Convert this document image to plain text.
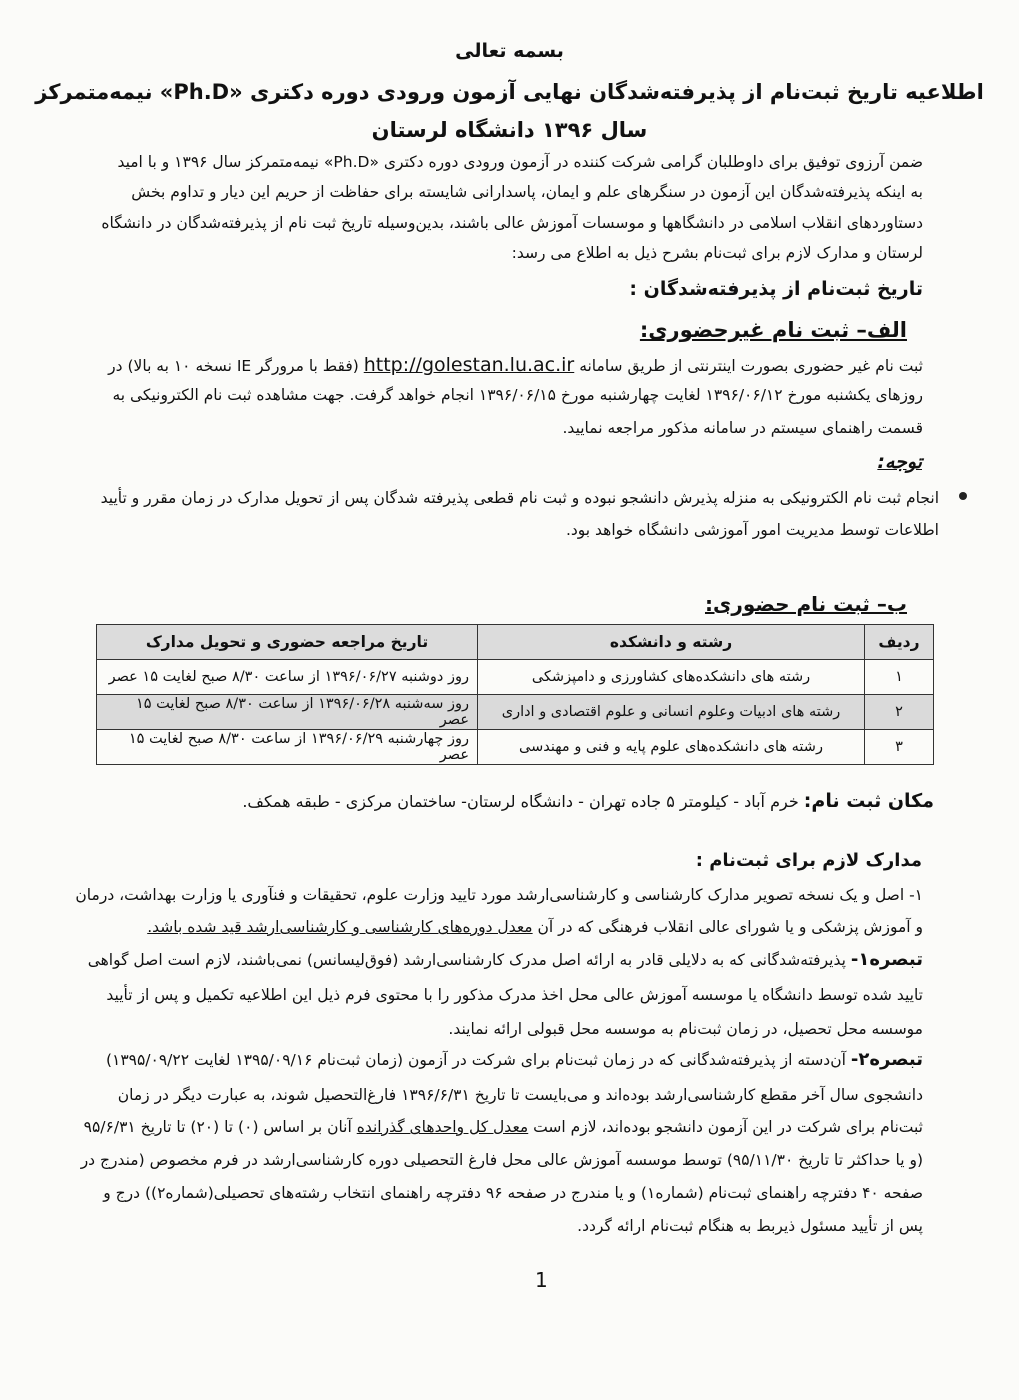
بسمه تعالی
اطلاعیه تاریخ ثبت‌نام از پذیرفته‌شدگان نهایی آزمون ورودی دوره دکتری «Ph.D» نیمه‌متمرکز
سال ۱۳۹۶ دانشگاه لرستان
ضمن آرزوی توفیق برای داوطلبان گرامی شرکت کننده در آزمون ورودی دوره دکتری «Ph.D» نیمه‌متمرکز سال ۱۳۹۶ و با امید
به اینکه پذیرفته‌شدگان این آزمون در سنگرهای علم و ایمان، پاسدارانی شایسته برای حفاظت از حریم این دیار و تداوم بخش
دستاوردهای انقلاب اسلامی در دانشگاهها و موسسات آموزش عالی باشند، بدین‌وسیله تاریخ ثبت نام از پذیرفته‌شدگان در دانشگاه
لرستان و مدارک لازم برای ثبت‌نام بشرح ذیل به اطلاع می رسد:
تاریخ ثبت‌نام از پذیرفته‌شدگان :
الف– ثبت نام غیرحضوری:
ثبت نام غیر حضوری بصورت اینترنتی از طریق سامانه http://golestan.lu.ac.ir (فقط با مرورگر IE نسخه ۱۰ به بالا) در
روزهای یکشنبه مورخ ۱۳۹۶/۰۶/۱۲ لغایت چهارشنبه مورخ ۱۳۹۶/۰۶/۱۵ انجام خواهد گرفت. جهت مشاهده ثبت نام الکترونیکی به
قسمت راهنمای سیستم در سامانه مذکور مراجعه نمایید.
توجه:
انجام ثبت نام الکترونیکی به منزله پذیرش دانشجو نبوده و ثبت نام قطعی پذیرفته شدگان پس از تحویل مدارک در زمان مقرر و تأیید
اطلاعات توسط مدیریت امور آموزشی دانشگاه خواهد بود.
ب– ثبت نام حضوری:
ردیف	رشته و دانشکده	تاریخ مراجعه حضوری و تحویل مدارک
۱	رشته های دانشکده‌های کشاورزی و دامپزشکی	روز دوشنبه ۱۳۹۶/۰۶/۲۷ از ساعت ۸/۳۰ صبح لغایت ۱۵ عصر
۲	رشته های ادبیات وعلوم انسانی و علوم اقتصادی و اداری	روز سه‌شنبه ۱۳۹۶/۰۶/۲۸ از ساعت ۸/۳۰ صبح لغایت ۱۵ عصر
۳	رشته های دانشکده‌های علوم پایه و فنی و مهندسی	روز چهارشنبه ۱۳۹۶/۰۶/۲۹ از ساعت ۸/۳۰ صبح لغایت ۱۵ عصر
مکان ثبت نام: خرم آباد - کیلومتر ۵ جاده تهران - دانشگاه لرستان- ساختمان مرکزی - طبقه همکف.
مدارک لازم برای ثبت‌نام :
۱- اصل و یک نسخه تصویر مدارک کارشناسی و کارشناسی‌ارشد مورد تایید وزارت علوم، تحقیقات و فنآوری یا وزارت بهداشت، درمان
و آموزش پزشکی و یا شورای عالی انقلاب فرهنگی که در آن معدل دوره‌های کارشناسی و کارشناسی‌ارشد قید شده باشد.
تبصره۱- پذیرفته‌شدگانی که به دلایلی قادر به ارائه اصل مدرک کارشناسی‌ارشد (فوق‌لیسانس) نمی‌باشند، لازم است اصل گواهی
تایید شده توسط دانشگاه یا موسسه آموزش عالی محل اخذ مدرک مذکور را با محتوی فرم ذیل این اطلاعیه تکمیل و پس از تأیید
موسسه محل تحصیل، در زمان ثبت‌نام به موسسه محل قبولی ارائه نمایند.
تبصره۲- آن‌دسته از پذیرفته‌شدگانی که در زمان ثبت‌نام برای شرکت در آزمون (زمان ثبت‌نام ۱۳۹۵/۰۹/۱۶ لغایت ۱۳۹۵/۰۹/۲۲)
دانشجوی سال آخر مقطع کارشناسی‌ارشد بوده‌اند و می‌بایست تا تاریخ ۱۳۹۶/۶/۳۱ فارغ‌التحصیل شوند، به عبارت دیگر در زمان
ثبت‌نام برای شرکت در این آزمون دانشجو بوده‌اند، لازم است معدل کل واحدهای گذرانده آنان بر اساس (۰) تا (۲۰) تا تاریخ ۹۵/۶/۳۱
(و یا حداکثر تا تاریخ ۹۵/۱۱/۳۰) توسط موسسه آموزش عالی محل فارغ التحصیلی دوره کارشناسی‌ارشد در فرم مخصوص (مندرج در
صفحه ۴۰ دفترچه راهنمای ثبت‌نام (شماره۱) و یا مندرج در صفحه ۹۶ دفترچه راهنمای انتخاب رشته‌های تحصیلی(شماره۲)) درج و
پس از تأیید مسئول ذیربط به هنگام ثبت‌نام ارائه گردد.
1
